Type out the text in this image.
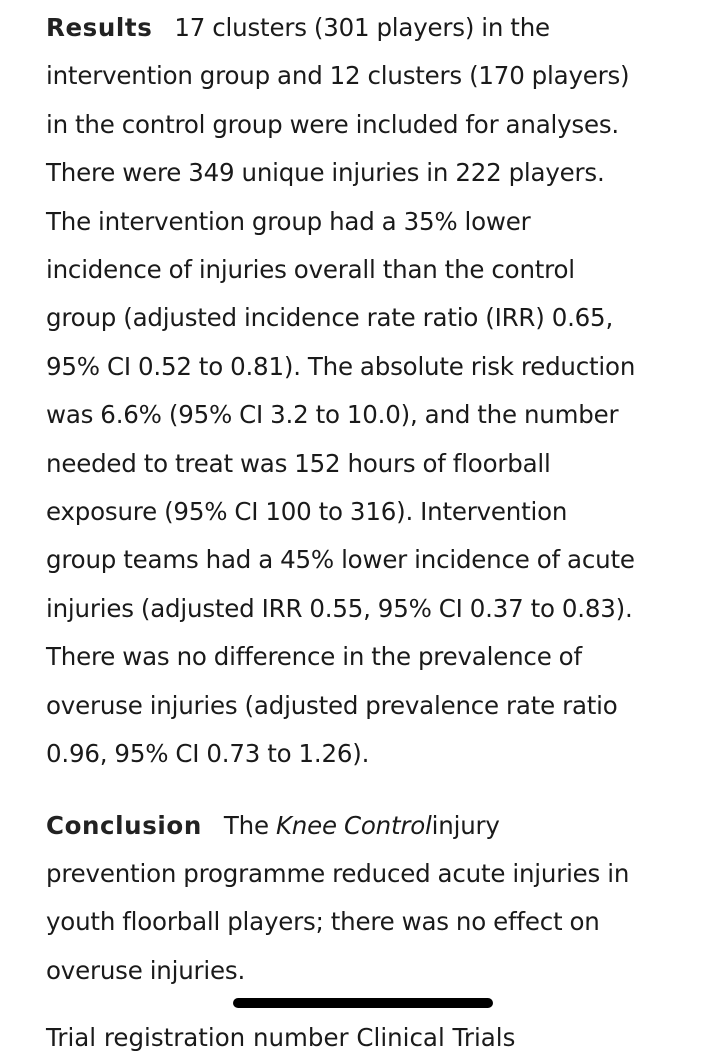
Results 17 clusters (301 players) in the
intervention group and 12 clusters (170 players)
in the control group were included for analyses.
There were 349 unique injuries in 222 players.
The intervention group had a 35% lower
incidence of injuries overall than the control
group (adjusted incidence rate ratio (IRR) 0.65,
95% CI 0.52 to 0.81). The absolute risk reduction
was 6.6% (95% CI 3.2 to 10.0), and the number
needed to treat was 152 hours of floorball
exposure (95% CI 100 to 316). Intervention
group teams had a 45% lower incidence of acute
injuries (adjusted IRR 0.55, 95% CI 0.37 to 0.83).
There was no difference in the prevalence of
overuse injuries (adjusted prevalence rate ratio
0.96, 95% CI 0.73 to 1.26).

Conclusion The Knee Controlinjury
prevention programme reduced acute injuries in
youth floorball players; there was no effect on
overuse injuries.

Trial registration number Clinical Trials
